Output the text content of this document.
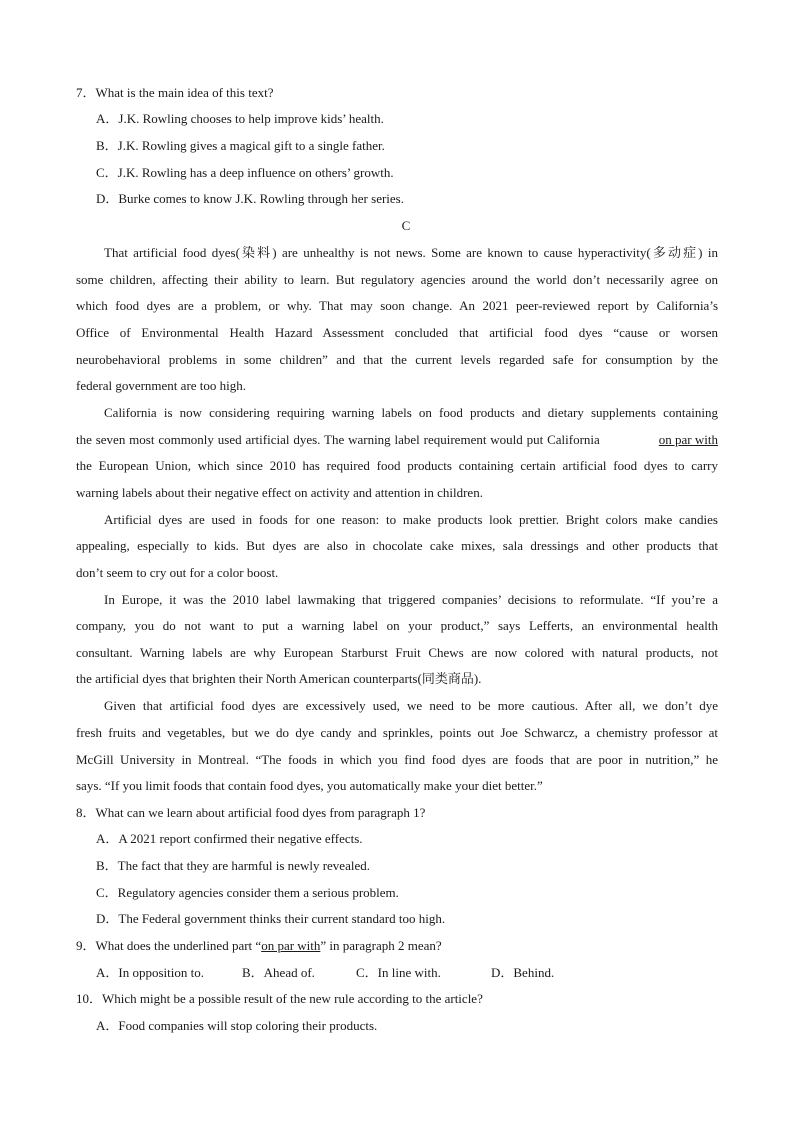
7．What is the main idea of this text?
A．J.K. Rowling chooses to help improve kids’ health.
B．J.K. Rowling gives a magical gift to a single father.
C．J.K. Rowling has a deep influence on others’ growth.
D．Burke comes to know J.K. Rowling through her series.
C
That artificial food dyes(染料) are unhealthy is not news. Some are known to cause hyperactivity(多动症) in
some children, affecting their ability to learn. But regulatory agencies around the world don’t necessarily agree on
which food dyes are a problem, or why. That may soon change. An 2021 peer-reviewed report by California’s
Office of Environmental Health Hazard Assessment concluded that artificial food dyes “cause or worsen
neurobehavioral problems in some children” and that the current levels regarded safe for consumption by the
federal government are too high.
California is now considering requiring warning labels on food products and dietary supplements containing
the seven most commonly used artificial dyes. The warning label requirement would put California	on par with
the European Union, which since 2010 has required food products containing certain artificial food dyes to carry
warning labels about their negative effect on activity and attention in children.
Artificial dyes are used in foods for one reason: to make products look prettier. Bright colors make candies
appealing, especially to kids. But dyes are also in chocolate cake mixes, sala dressings and other products that
don’t seem to cry out for a color boost.
In Europe, it was the 2010 label lawmaking that triggered companies’ decisions to reformulate. “If you’re a
company, you do not want to put a warning label on your product,” says Lefferts, an environmental health
consultant. Warning labels are why European Starburst Fruit Chews are now colored with natural products, not
the artificial dyes that brighten their North American counterparts(同类商品).
Given that artificial food dyes are excessively used, we need to be more cautious. After all, we don’t dye
fresh fruits and vegetables, but we do dye candy and sprinkles, points out Joe Schwarcz, a chemistry professor at
McGill University in Montreal. “The foods in which you find food dyes are foods that are poor in nutrition,” he
says. “If you limit foods that contain food dyes, you automatically make your diet better.”
8．What can we learn about artificial food dyes from paragraph 1?
A．A 2021 report confirmed their negative effects.
B．The fact that they are harmful is newly revealed.
C．Regulatory agencies consider them a serious problem.
D．The Federal government thinks their current standard too high.
9．What does the underlined part “on par with” in paragraph 2 mean?
A．In opposition to.	B．Ahead of.	C．In line with.	D．Behind.
10．Which might be a possible result of the new rule according to the article?
A．Food companies will stop coloring their products.
